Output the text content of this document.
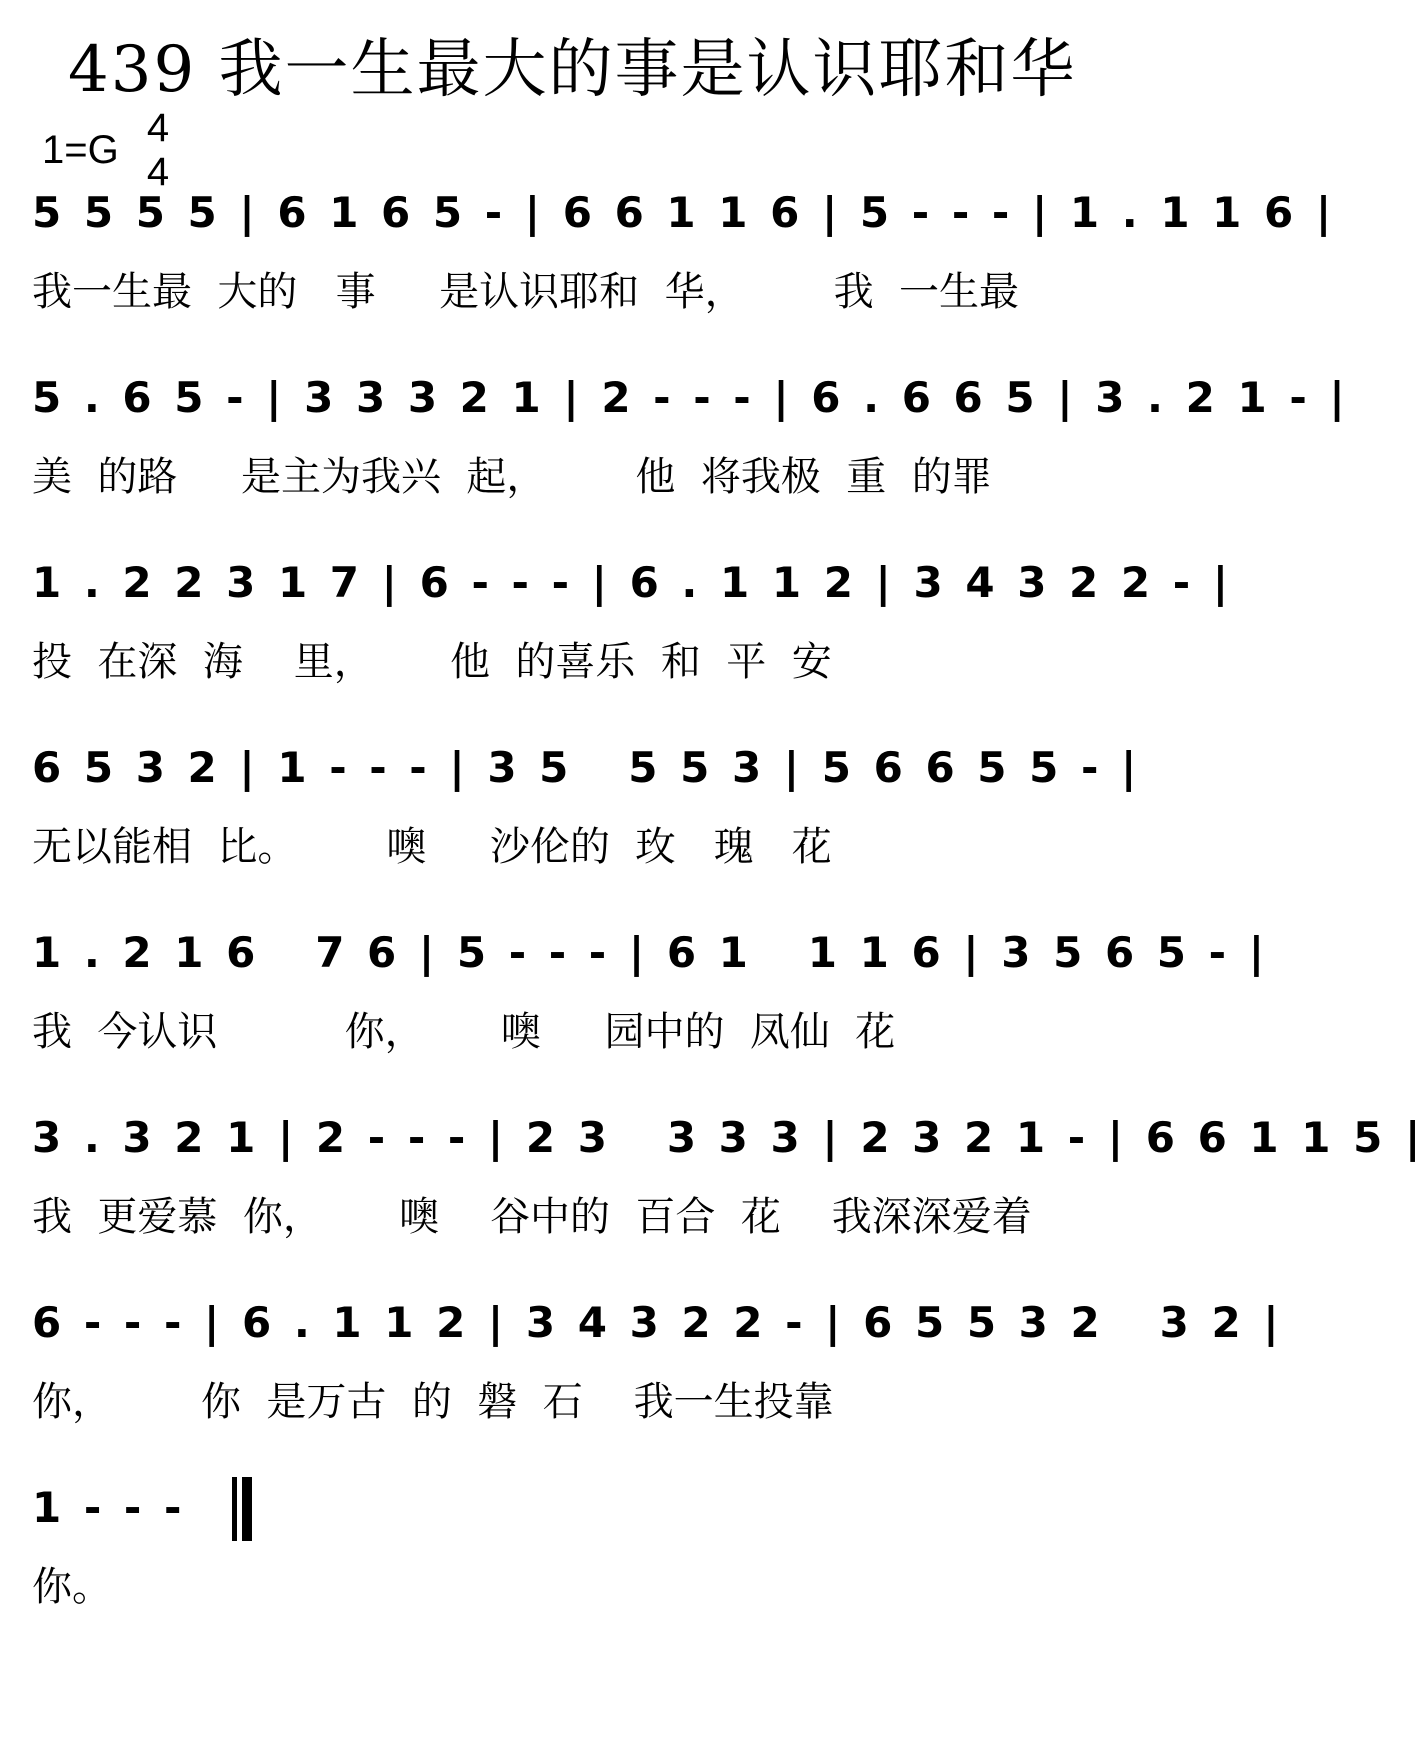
439 我一生最大的事是认识耶和华
1=G 4
4
5 5 5 5 | 6 1 6 5 - | 6 6 1 1 6 | 5 - - - | 1 . 1 1 6 |
我一生最  大的   事     是认识耶和  华，       我  一生最
5 . 6 5 - | 3 3 3 2 1 | 2 - - - | 6 . 6 6 5 | 3 . 2 1 - |
美  的路     是主为我兴  起，       他  将我极  重  的罪
1 . 2 2 3 1 7 | 6 - - - | 6 . 1 1 2 | 3 4 3 2 2 - |
投  在深  海    里，      他  的喜乐  和  平  安
6 5 3 2 | 1 - - - | 3 5   5 5 3 | 5 6 6 5 5 - |
无以能相  比。       噢     沙伦的  玫   瑰   花
1 . 2 1 6   7 6 | 5 - - - | 6 1   1 1 6 | 3 5 6 5 - |
我  今认识          你，      噢     园中的  凤仙  花
3 . 3 2 1 | 2 - - - | 2 3   3 3 3 | 2 3 2 1 - | 6 6 1 1 5 |
我  更爱慕  你，      噢    谷中的  百合  花    我深深爱着
6 - - - | 6 . 1 1 2 | 3 4 3 2 2 - | 6 5 5 3 2   3 2 |
你，       你  是万古  的  磐  石    我一生投靠
1 - - -
你。
